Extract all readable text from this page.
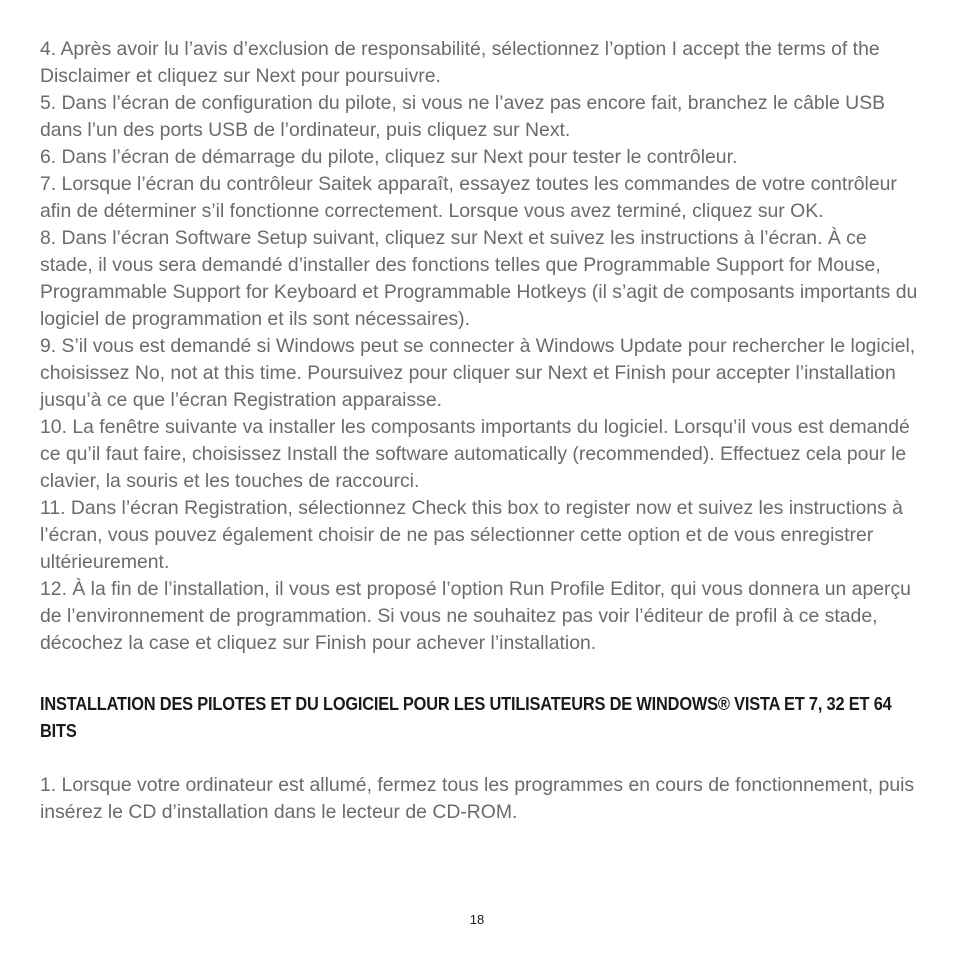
4. Après avoir lu l’avis d’exclusion de responsabilité, sélectionnez l’option I accept the terms of the Disclaimer et cliquez sur Next pour poursuivre.

5. Dans l’écran de configuration du pilote, si vous ne l’avez pas encore fait, branchez le câble USB dans l’un des ports USB de l’ordinateur, puis cliquez sur Next.

6. Dans l’écran de démarrage du pilote, cliquez sur Next pour tester le contrôleur.

7. Lorsque l’écran du contrôleur Saitek apparaît, essayez toutes les commandes de votre contrôleur afin de déterminer s’il fonctionne correctement. Lorsque vous avez terminé, cliquez sur OK.

8. Dans l’écran Software Setup suivant, cliquez sur Next et suivez les instructions à l’écran. À ce stade, il vous sera demandé d’installer des fonctions telles que Programmable Support for Mouse, Programmable Support for Keyboard et Programmable Hotkeys (il s’agit de composants importants du logiciel de programmation et ils sont nécessaires).

9. S’il vous est demandé si Windows peut se connecter à Windows Update pour rechercher le logiciel, choisissez No, not at this time. Poursuivez pour cliquer sur Next et Finish pour accepter l’installation jusqu’à ce que l’écran Registration apparaisse.

10. La fenêtre suivante va installer les composants importants du logiciel. Lorsqu’il vous est demandé ce qu’il faut faire, choisissez Install the software automatically (recommended). Effectuez cela pour le clavier, la souris et les touches de raccourci.

11. Dans l’écran Registration, sélectionnez Check this box to register now et suivez les instructions à l’écran, vous pouvez également choisir de ne pas sélectionner cette option et de vous enregistrer ultérieurement.

12. À la fin de l’installation, il vous est proposé l’option Run Profile Editor, qui vous donnera un aperçu de l’environnement de programmation. Si vous ne souhaitez pas voir l’éditeur de profil à ce stade, décochez la case et cliquez sur Finish pour achever l’installation.

INSTALLATION DES PILOTES ET DU LOGICIEL POUR LES UTILISATEURS DE WINDOWS® VISTA ET 7, 32 ET 64 BITS

1. Lorsque votre ordinateur est allumé, fermez tous les programmes en cours de fonctionnement, puis insérez le CD d’installation dans le lecteur de CD-ROM.

18
